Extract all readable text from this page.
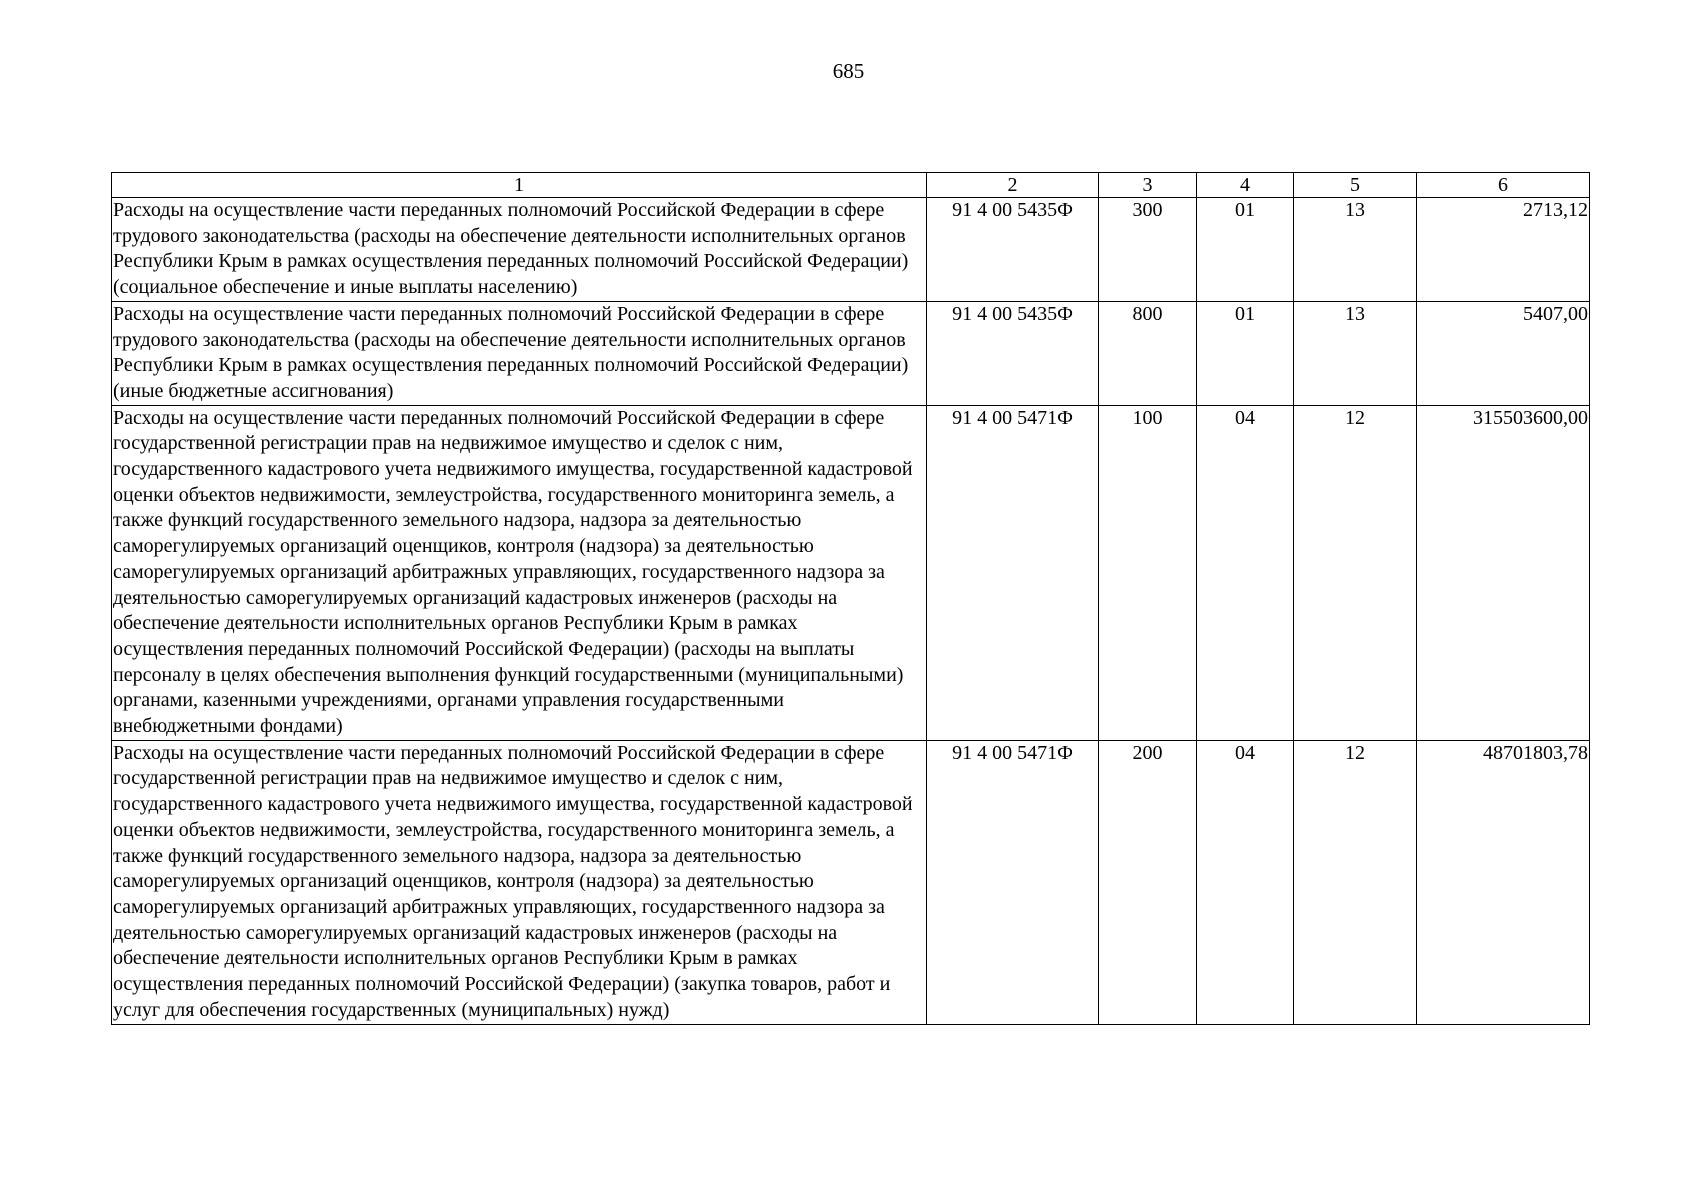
685
1	2	3	4	5	6
Расходы на осуществление части переданных полномочий Российской Федерации в сфере трудового законодательства (расходы на обеспечение деятельности исполнительных органов Республики Крым в рамках осуществления переданных полномочий Российской Федерации) (социальное обеспечение и иные выплаты населению)	91 4 00 5435Ф	300	01	13	2713,12
Расходы на осуществление части переданных полномочий Российской Федерации в сфере трудового законодательства (расходы на обеспечение деятельности исполнительных органов Республики Крым в рамках осуществления переданных полномочий Российской Федерации) (иные бюджетные ассигнования)	91 4 00 5435Ф	800	01	13	5407,00
Расходы на осуществление части переданных полномочий Российской Федерации в сфере государственной регистрации прав на недвижимое имущество и сделок с ним, государственного кадастрового учета недвижимого имущества, государственной кадастровой оценки объектов недвижимости, землеустройства, государственного мониторинга земель, а также функций государственного земельного надзора, надзора за деятельностью саморегулируемых организаций оценщиков, контроля (надзора) за деятельностью саморегулируемых организаций арбитражных управляющих, государственного надзора за деятельностью саморегулируемых организаций кадастровых инженеров (расходы на обеспечение деятельности исполнительных органов Республики Крым в рамках осуществления переданных полномочий Российской Федерации) (расходы на выплаты персоналу в целях обеспечения выполнения функций государственными (муниципальными) органами, казенными учреждениями, органами управления государственными внебюджетными фондами)	91 4 00 5471Ф	100	04	12	315503600,00
Расходы на осуществление части переданных полномочий Российской Федерации в сфере государственной регистрации прав на недвижимое имущество и сделок с ним, государственного кадастрового учета недвижимого имущества, государственной кадастровой оценки объектов недвижимости, землеустройства, государственного мониторинга земель, а также функций государственного земельного надзора, надзора за деятельностью саморегулируемых организаций оценщиков, контроля (надзора) за деятельностью саморегулируемых организаций арбитражных управляющих, государственного надзора за деятельностью саморегулируемых организаций кадастровых инженеров (расходы на обеспечение деятельности исполнительных органов Республики Крым в рамках осуществления переданных полномочий Российской Федерации) (закупка товаров, работ и услуг для обеспечения государственных (муниципальных) нужд)	91 4 00 5471Ф	200	04	12	48701803,78
